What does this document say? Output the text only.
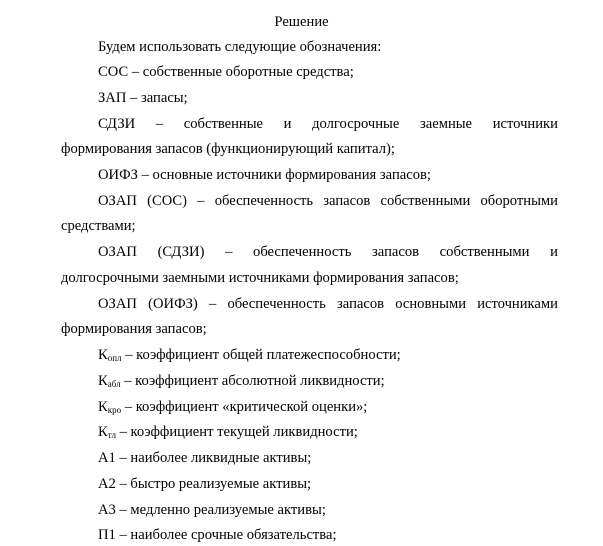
Решение
Будем использовать следующие обозначения:
СОС – собственные оборотные средства;
ЗАП – запасы;
СДЗИ – собственные и долгосрочные заемные источники
формирования запасов (функционирующий капитал);
ОИФЗ – основные источники формирования запасов;
ОЗАП (СОС) – обеспеченность запасов собственными оборотными
средствами;
ОЗАП (СДЗИ) – обеспеченность запасов собственными и
долгосрочными заемными источниками формирования запасов;
ОЗАП (ОИФЗ) – обеспеченность запасов основными источниками
формирования запасов;
$К_{опл}$ – коэффициент общей платежеспособности;
$К_{абл}$ – коэффициент абсолютной ликвидности;
$К_{кро}$ – коэффициент «критической оценки»;
$К_{тл}$ – коэффициент текущей ликвидности;
А1 – наиболее ликвидные активы;
А2 – быстро реализуемые активы;
А3 – медленно реализуемые активы;
П1 – наиболее срочные обязательства;
